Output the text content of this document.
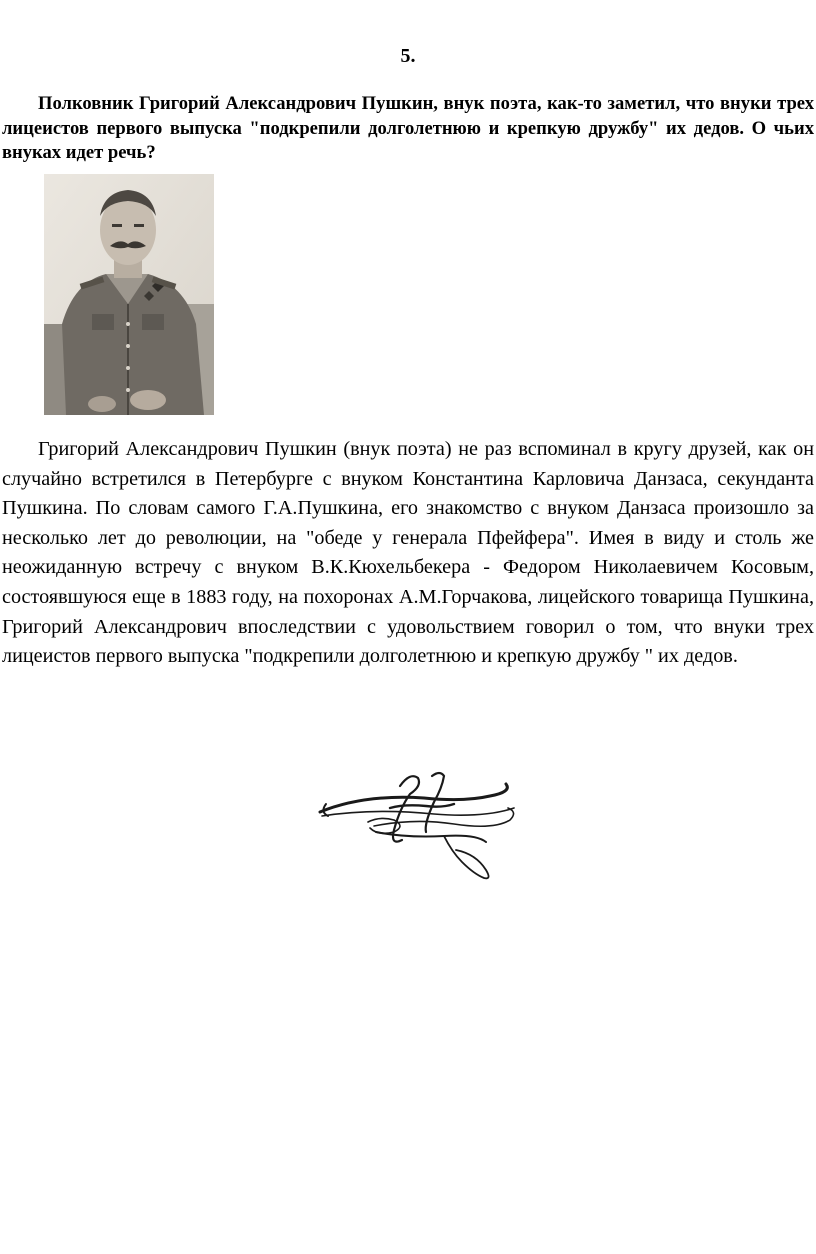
5.

Полковник Григорий Александрович Пушкин, внук поэта, как-то заметил, что внуки трех лицеистов первого выпуска "подкрепили долголетнюю и крепкую дружбу" их дедов. О чьих внуках идет речь?

Григорий Александрович Пушкин (внук поэта) не раз вспоминал в кругу друзей, как он случайно встретился в Петербурге с внуком Константина Карловича Данзаса, секунданта Пушкина. По словам самого Г.А.Пушкина, его знакомство с внуком Данзаса произошло за несколько лет до революции, на "обеде у генерала Пфейфера". Имея в виду и столь же неожиданную встречу с внуком В.К.Кюхельбекера - Федором Николаевичем Косовым, состоявшуюся еще в 1883 году, на похоронах А.М.Горчакова, лицейского товарища Пушкина, Григорий Александрович впоследствии с удовольствием говорил о том, что внуки трех лицеистов первого выпуска "подкрепили долголетнюю и крепкую дружбу " их дедов.
